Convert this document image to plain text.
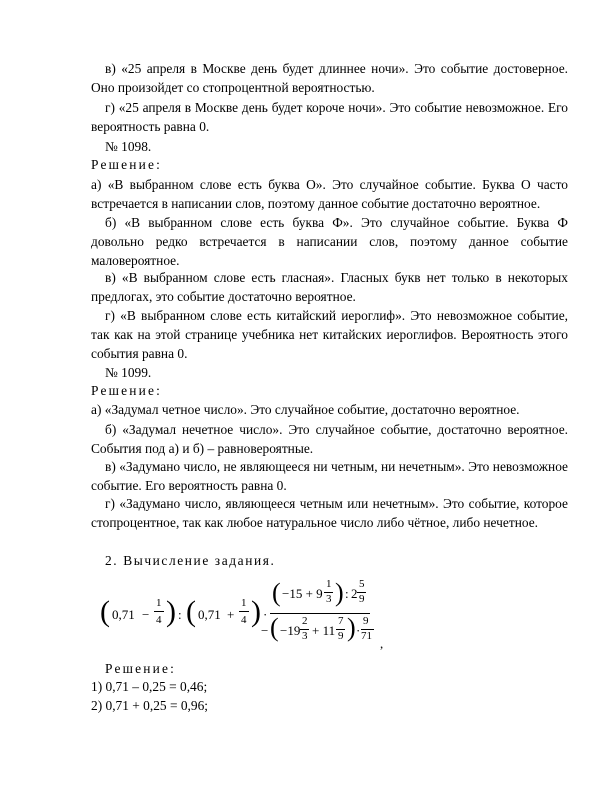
в) «25 апреля в Москве день будет длиннее ночи». Это событие достоверное. Оно произойдет со стопроцентной вероятностью.
г) «25 апреля в Москве день будет короче ночи». Это событие невозможное. Его вероятность равна 0.
№ 1098.
Решение:
а) «В выбранном слове есть буква О». Это случайное событие. Буква О часто встречается в написании слов, поэтому данное событие достаточно вероятное.
б) «В выбранном слове есть буква Ф». Это случайное событие. Буква Ф довольно редко встречается в написании слов, поэтому данное событие маловероятное.
в) «В выбранном слове есть гласная». Гласных букв нет только в некоторых предлогах, это событие достаточно вероятное.
г) «В выбранном слове есть китайский иероглиф». Это невозможное событие, так как на этой странице учебника нет китайских иероглифов. Вероятность этого события равна 0.
№ 1099.
Решение:
а) «Задумал четное число». Это случайное событие, достаточно вероятное.
б) «Задумал нечетное число». Это случайное событие, достаточно вероятное. События под а) и б) – равновероятные.
в) «Задумано число, не являющееся ни четным, ни нечетным». Это невозможное событие. Его вероятность равна 0.
г) «Задумано число, являющееся четным или нечетным». Это событие, которое стопроцентное, так как любое натуральное число либо чётное, либо нечетное.
2. Вычисление задания.
( 0,71 −
1
4 ) : ( 0,71 +
1
4 ) ·
( −15 + 9
1
3 ) : 2
5
9
− ( −19
2
3 + 11
7
9 ) ·
9
71 ,
Решение:
1) 0,71 – 0,25 = 0,46;
2) 0,71 + 0,25 = 0,96;
